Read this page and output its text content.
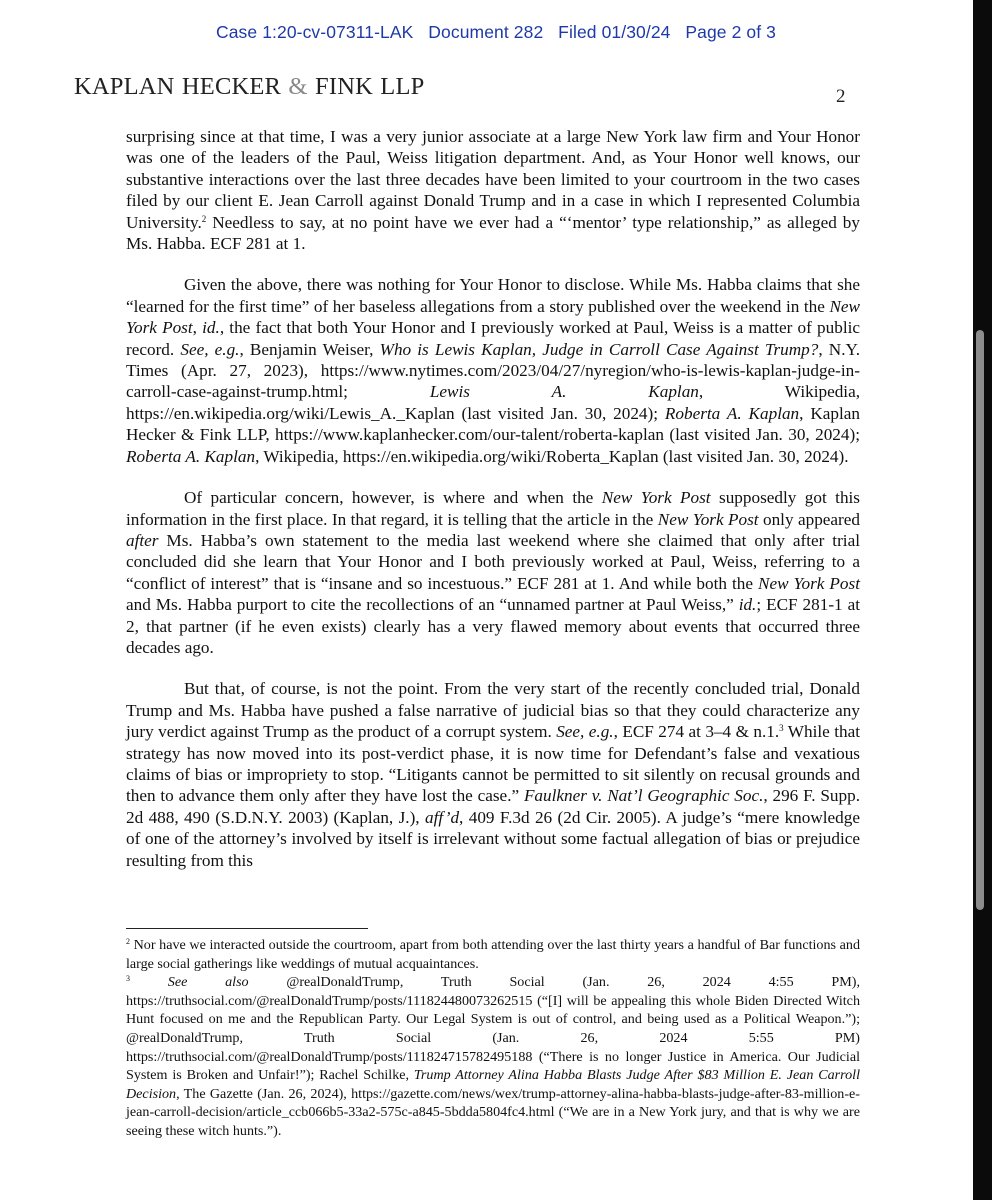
Case 1:20-cv-07311-LAK   Document 282   Filed 01/30/24   Page 2 of 3
KAPLAN HECKER & FINK LLP	2

surprising since at that time, I was a very junior associate at a large New York law firm and Your Honor was one of the leaders of the Paul, Weiss litigation department. And, as Your Honor well knows, our substantive interactions over the last three decades have been limited to your courtroom in the two cases filed by our client E. Jean Carroll against Donald Trump and in a case in which I represented Columbia University.$^2$ Needless to say, at no point have we ever had a “‘mentor’ type relationship,” as alleged by Ms. Habba. ECF 281 at 1.

Given the above, there was nothing for Your Honor to disclose. While Ms. Habba claims that she “learned for the first time” of her baseless allegations from a story published over the weekend in the New York Post, id., the fact that both Your Honor and I previously worked at Paul, Weiss is a matter of public record. See, e.g., Benjamin Weiser, Who is Lewis Kaplan, Judge in Carroll Case Against Trump?, N.Y. Times (Apr. 27, 2023), https://www.nytimes.com/2023/04/27/nyregion/who-is-lewis-kaplan-judge-in-carroll-case-against-trump.html; Lewis A. Kaplan, Wikipedia, https://en.wikipedia.org/wiki/Lewis_A._Kaplan (last visited Jan. 30, 2024); Roberta A. Kaplan, Kaplan Hecker & Fink LLP, https://www.kaplanhecker.com/our-talent/roberta-kaplan (last visited Jan. 30, 2024); Roberta A. Kaplan, Wikipedia, https://en.wikipedia.org/wiki/Roberta_Kaplan (last visited Jan. 30, 2024).

Of particular concern, however, is where and when the New York Post supposedly got this information in the first place. In that regard, it is telling that the article in the New York Post only appeared after Ms. Habba’s own statement to the media last weekend where she claimed that only after trial concluded did she learn that Your Honor and I both previously worked at Paul, Weiss, referring to a “conflict of interest” that is “insane and so incestuous.” ECF 281 at 1. And while both the New York Post and Ms. Habba purport to cite the recollections of an “unnamed partner at Paul Weiss,” id.; ECF 281-1 at 2, that partner (if he even exists) clearly has a very flawed memory about events that occurred three decades ago.

But that, of course, is not the point. From the very start of the recently concluded trial, Donald Trump and Ms. Habba have pushed a false narrative of judicial bias so that they could characterize any jury verdict against Trump as the product of a corrupt system. See, e.g., ECF 274 at 3–4 & n.1.$^3$ While that strategy has now moved into its post-verdict phase, it is now time for Defendant’s false and vexatious claims of bias or impropriety to stop. “Litigants cannot be permitted to sit silently on recusal grounds and then to advance them only after they have lost the case.” Faulkner v. Nat’l Geographic Soc., 296 F. Supp. 2d 488, 490 (S.D.N.Y. 2003) (Kaplan, J.), aff’d, 409 F.3d 26 (2d Cir. 2005). A judge’s “mere knowledge of one of the attorney’s involved by itself is irrelevant without some factual allegation of bias or prejudice resulting from this

$^2$ Nor have we interacted outside the courtroom, apart from both attending over the last thirty years a handful of Bar functions and large social gatherings like weddings of mutual acquaintances.

$^3$	See also @realDonaldTrump, Truth Social (Jan. 26, 2024 4:55 PM), https://truthsocial.com/@realDonaldTrump/posts/111824480073262515 (“[I] will be appealing this whole Biden Directed Witch Hunt focused on me and the Republican Party. Our Legal System is out of control, and being used as a Political Weapon.”); @realDonaldTrump, Truth Social (Jan. 26, 2024 5:55 PM) https://truthsocial.com/@realDonaldTrump/posts/111824715782495188 (“There is no longer Justice in America. Our Judicial System is Broken and Unfair!”); Rachel Schilke, Trump Attorney Alina Habba Blasts Judge After $83 Million E. Jean Carroll Decision, The Gazette (Jan. 26, 2024), https://gazette.com/news/wex/trump-attorney-alina-habba-blasts-judge-after-83-million-e-jean-carroll-decision/article_ccb066b5-33a2-575c-a845-5bdda5804fc4.html (“We are in a New York jury, and that is why we are seeing these witch hunts.”).
